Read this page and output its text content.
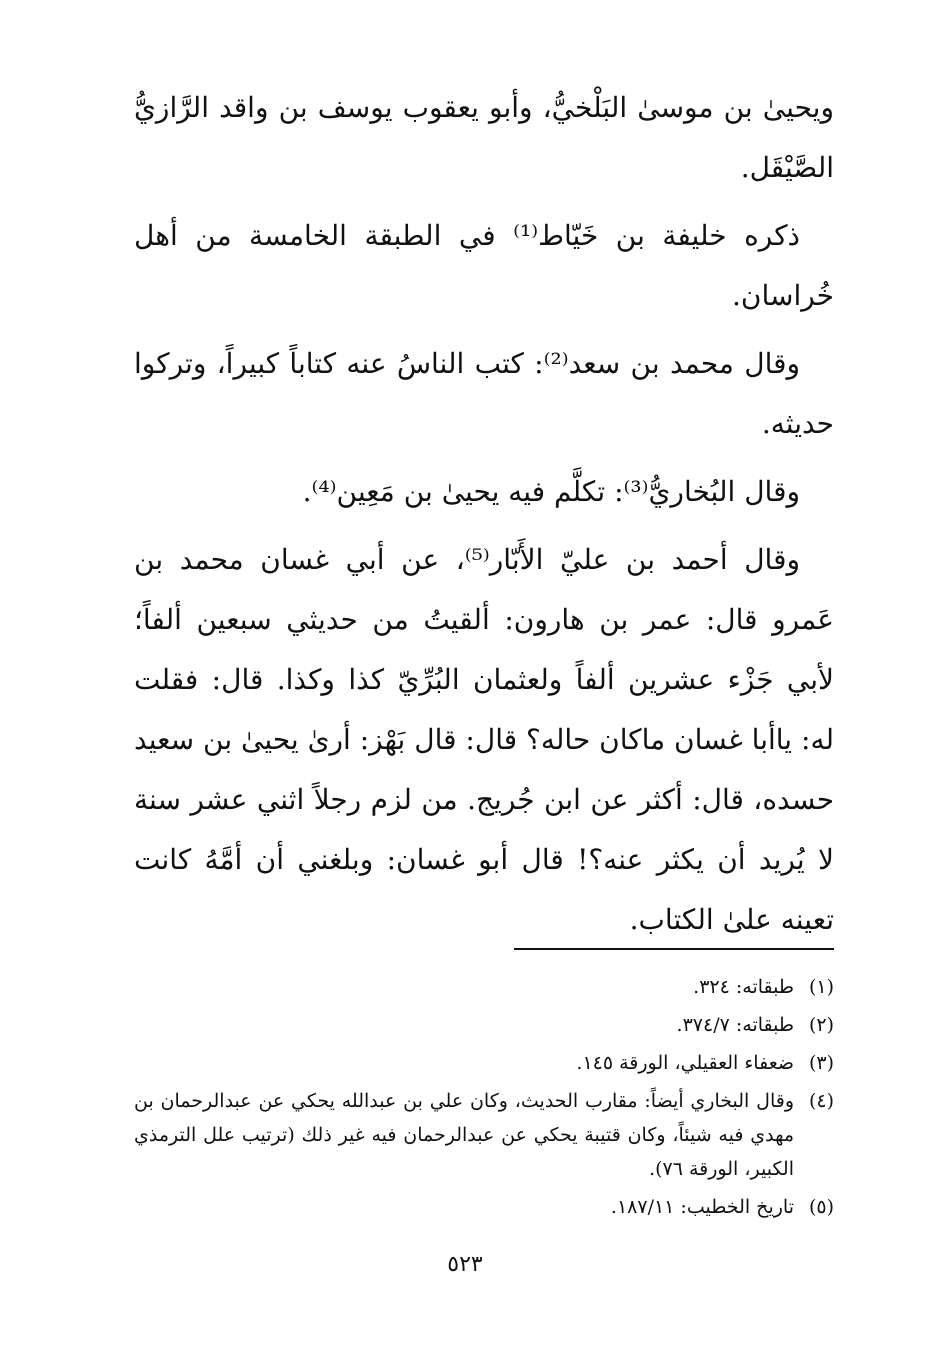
ويحيىٰ بن موسىٰ البَلْخيُّ، وأبو يعقوب يوسف بن واقد الرَّازيُّ الصَّيْقَل.

ذكره خليفة بن خَيّاط⁽¹⁾ في الطبقة الخامسة من أهل خُراسان.

وقال محمد بن سعد⁽²⁾: كتب الناسُ عنه كتاباً كبيراً، وتركوا حديثه.

وقال البُخاريُّ⁽³⁾: تكلَّم فيه يحيىٰ بن مَعِين⁽⁴⁾.

وقال أحمد بن عليّ الأَبّار⁽⁵⁾، عن أبي غسان محمد بن عَمرو قال: عمر بن هارون: ألقيتُ من حديثي سبعين ألفاً؛ لأبي جَزْء عشرين ألفاً ولعثمان البُرِّيّ كذا وكذا. قال: فقلت له: ياأبا غسان ماكان حاله؟ قال: قال بَهْز: أرىٰ يحيىٰ بن سعيد حسده، قال: أكثر عن ابن جُريج. من لزم رجلاً اثني عشر سنة لا يُريد أن يكثر عنه؟! قال أبو غسان: وبلغني أن أمَّهُ كانت تعينه علىٰ الكتاب.

(١)
طبقاته: ٣٢٤.
(٢)
طبقاته: ٣٧٤/٧.
(٣)
ضعفاء العقيلي، الورقة ١٤٥.
(٤)
وقال البخاري أيضاً: مقارب الحديث، وكان علي بن عبدالله يحكي عن عبدالرحمان بن مهدي فيه شيئاً، وكان قتيبة يحكي عن عبدالرحمان فيه غير ذلك (ترتيب علل الترمذي الكبير، الورقة ٧٦).
(٥)
تاريخ الخطيب: ١٨٧/١١.
٥٢٣
